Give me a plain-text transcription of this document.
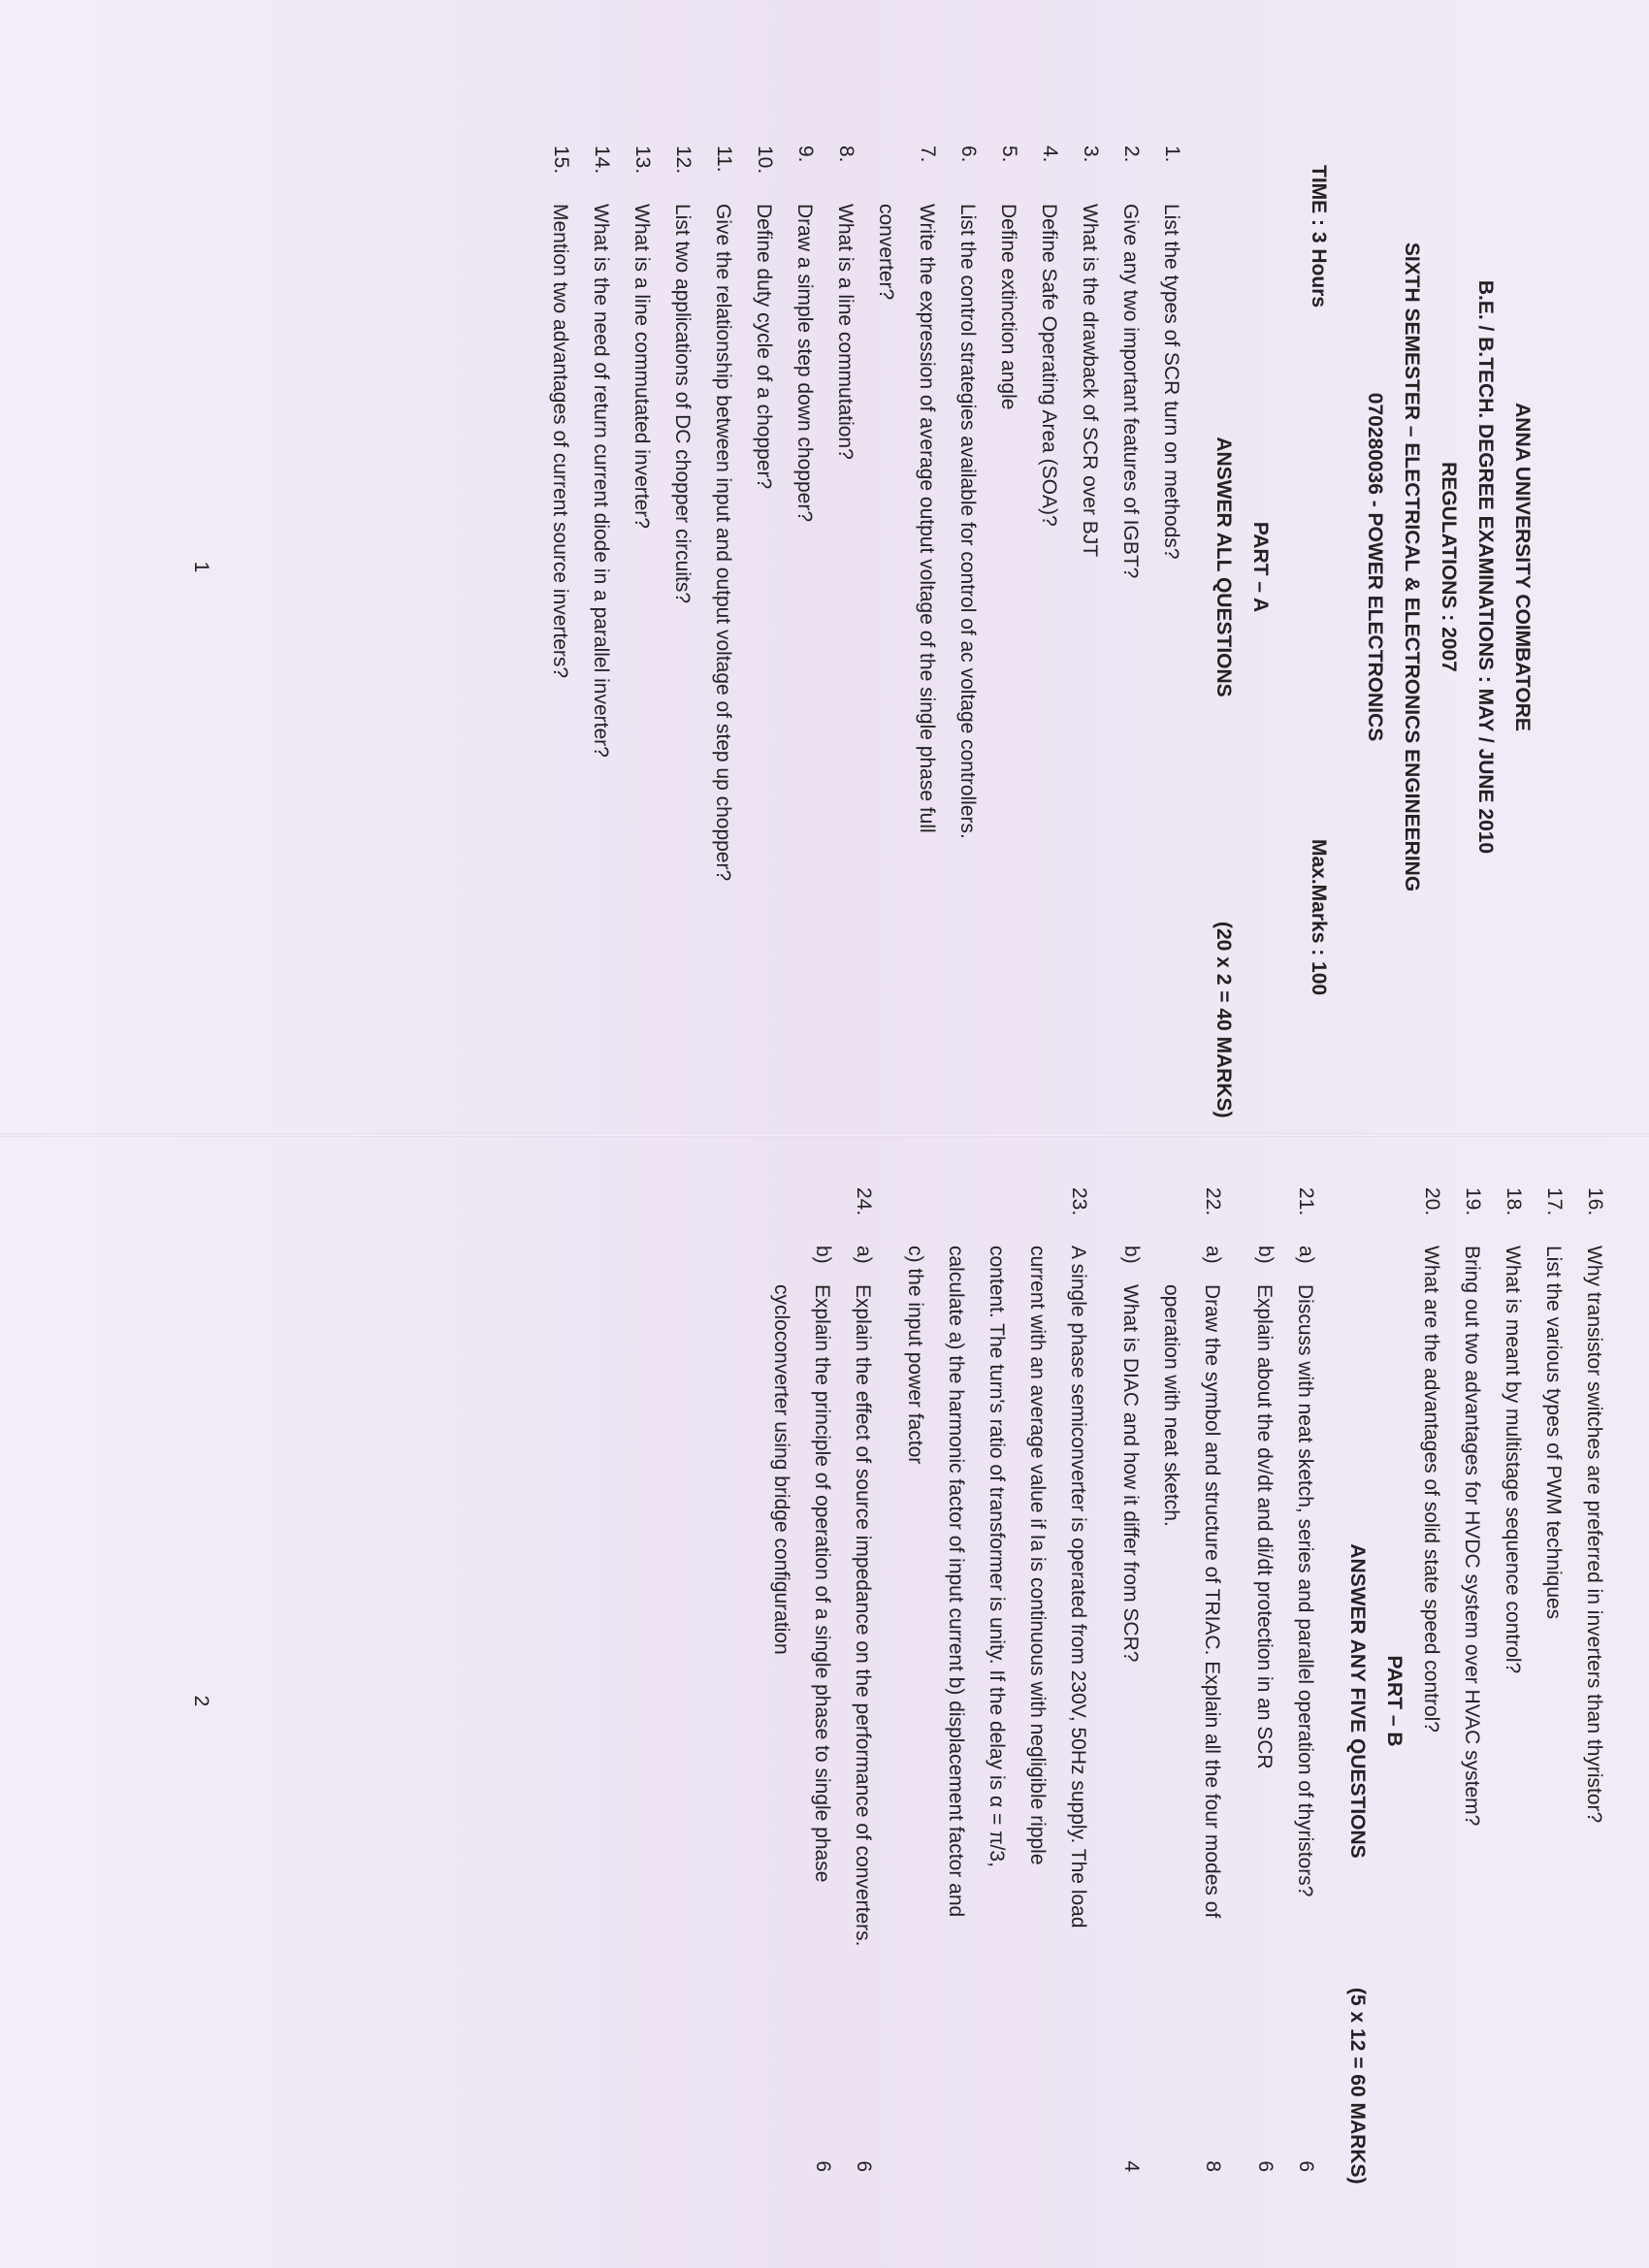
ANNA UNIVERSITY COIMBATORE
B.E. / B.TECH. DEGREE EXAMINATIONS : MAY / JUNE 2010
REGULATIONS : 2007
SIXTH SEMESTER – ELECTRICAL & ELECTRONICS ENGINEERING
070280036 - POWER ELECTRONICS
TIME : 3 Hours
Max.Marks : 100
PART – A
(20 x 2 = 40 MARKS)
ANSWER ALL QUESTIONS
1.
List the types of SCR turn on methods?
2.
Give any two important features of IGBT?
3.
What is the drawback of SCR over BJT
4.
Define Safe Operating Area (SOA)?
5.
Define extinction angle
6.
List the control strategies available for control of ac voltage controllers.
7.
Write the expression of average output voltage of the single phase full
converter?
8.
What is a line commutation?
9.
Draw a simple step down chopper?
10.
Define duty cycle of a chopper?
11.
Give the relationship between input and output voltage of step up chopper?
12.
List two applications of DC chopper circuits?
13.
What is a line commutated inverter?
14.
What is the need of return current diode in a parallel inverter?
15.
Mention two advantages of current source inverters?
1
16.
Why transistor switches are preferred in inverters than thyristor?
17.
List the various types of PWM techniques
18.
What is meant by multistage sequence control?
19.
Bring out two advantages for HVDC system over HVAC system?
20.
What are the advantages of solid state speed control?
PART – B
(5 x 12 = 60 MARKS)
ANSWER ANY FIVE QUESTIONS
21.
a)
Discuss with neat sketch, series and parallel operation of thyristors?
6
b)
Explain about the dv/dt and di/dt protection in an SCR
6
22.
a)
Draw the symbol and structure of TRIAC. Explain all the four modes of
operation with neat sketch.
8
b)
What is DIAC and how it differ from SCR?
4
23.
A single phase semiconverter is operated from 230V, 50Hz supply. The load
current with an average value if Ia is continuous with negligible ripple
content. The turn's ratio of transformer is unity. If the delay is α = π/3,
calculate a) the harmonic factor of input current b) displacement factor and
c) the input power factor
24.
a)
Explain the effect of source impedance on the performance of converters.
6
b)
Explain the principle of operation of a single phase to single phase
cycloconverter using bridge configuration
6
2
